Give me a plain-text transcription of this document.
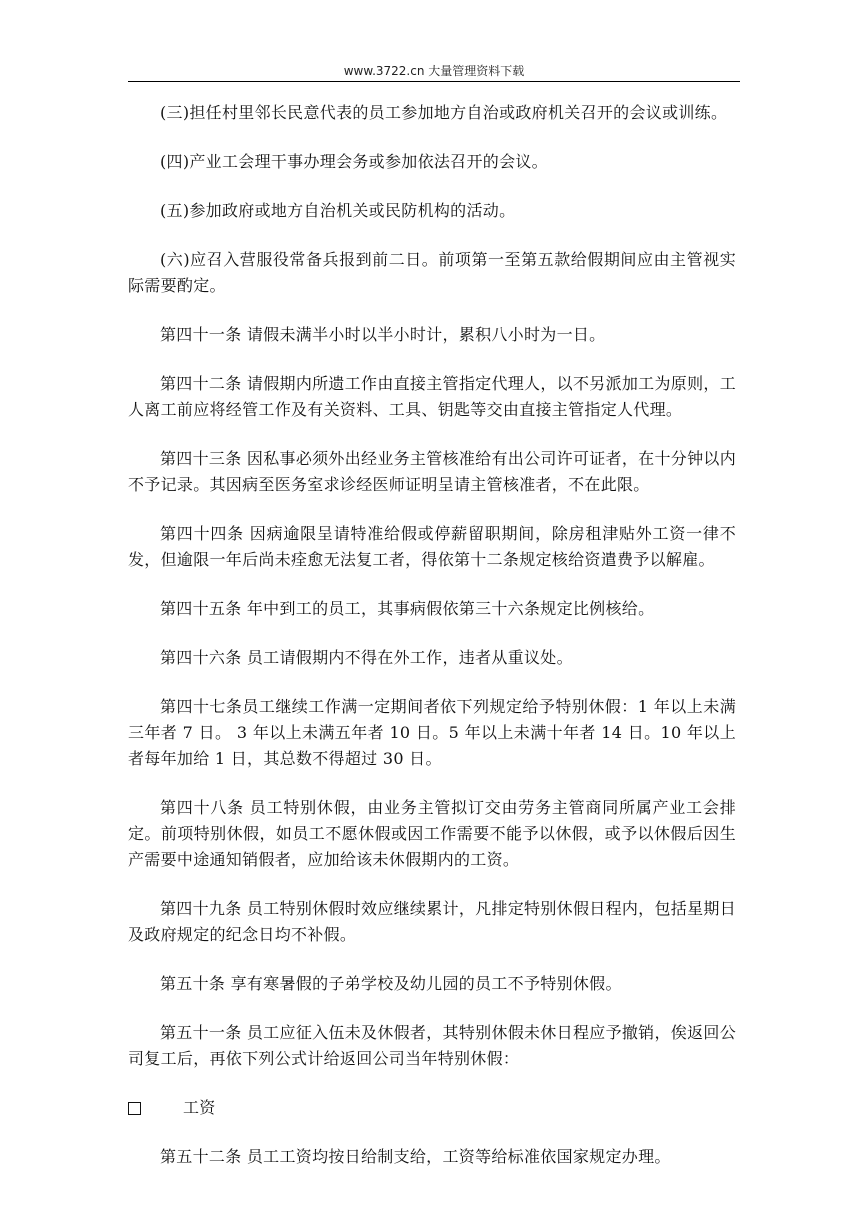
www.3722.cn 大量管理资料下载

(三)担任村里邻长民意代表的员工参加地方自治或政府机关召开的会议或训练。

(四)产业工会理干事办理会务或参加依法召开的会议。

(五)参加政府或地方自治机关或民防机构的活动。

(六)应召入营服役常备兵报到前二日。前项第一至第五款给假期间应由主管视实际需要酌定。

第四十一条 请假未满半小时以半小时计，累积八小时为一日。

第四十二条 请假期内所遗工作由直接主管指定代理人，以不另派加工为原则，工人离工前应将经管工作及有关资料、工具、钥匙等交由直接主管指定人代理。

第四十三条 因私事必须外出经业务主管核准给有出公司许可证者，在十分钟以内不予记录。其因病至医务室求诊经医师证明呈请主管核准者，不在此限。

第四十四条 因病逾限呈请特准给假或停薪留职期间，除房租津贴外工资一律不发，但逾限一年后尚未痊愈无法复工者，得依第十二条规定核给资遣费予以解雇。

第四十五条 年中到工的员工，其事病假依第三十六条规定比例核给。

第四十六条 员工请假期内不得在外工作，违者从重议处。

第四十七条员工继续工作满一定期间者依下列规定给予特别休假：1 年以上未满三年者 7 日。 3 年以上未满五年者 10 日。5 年以上未满十年者 14 日。10 年以上者每年加给 1 日，其总数不得超过 30 日。

第四十八条 员工特别休假，由业务主管拟订交由劳务主管商同所属产业工会排定。前项特别休假，如员工不愿休假或因工作需要不能予以休假，或予以休假后因生产需要中途通知销假者，应加给该未休假期内的工资。

第四十九条 员工特别休假时效应继续累计，凡排定特别休假日程内，包括星期日及政府规定的纪念日均不补假。

第五十条 享有寒暑假的子弟学校及幼儿园的员工不予特别休假。

第五十一条 员工应征入伍未及休假者，其特别休假未休日程应予撤销，俟返回公司复工后，再依下列公式计给返回公司当年特别休假：

工资

第五十二条 员工工资均按日给制支给，工资等给标准依国家规定办理。
